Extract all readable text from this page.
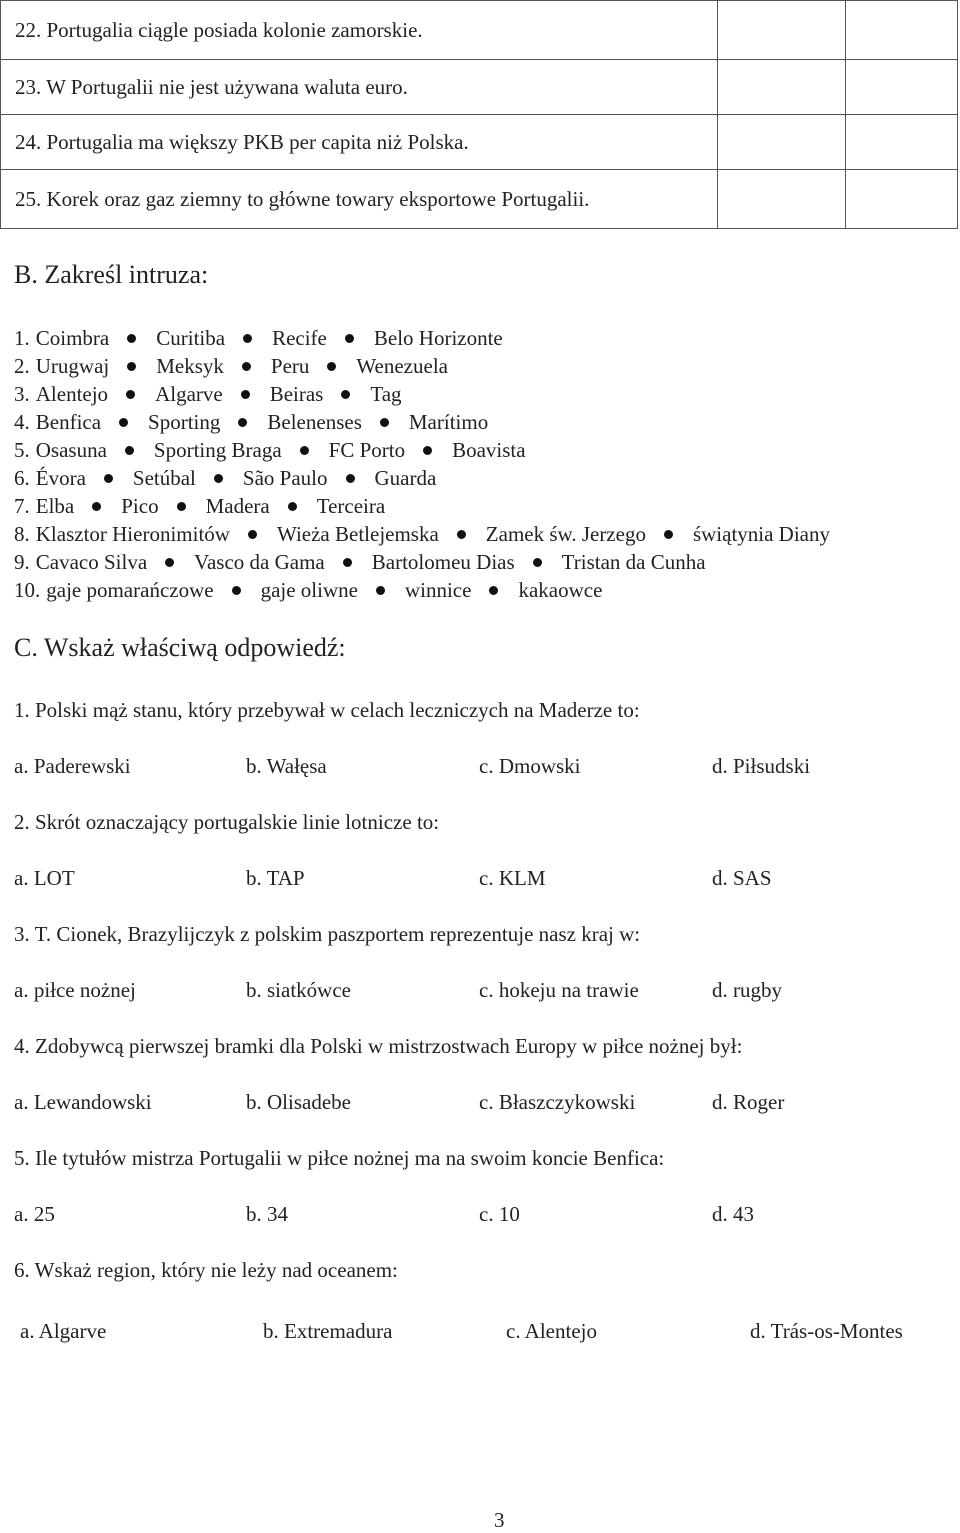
22. Portugalia ciągle posiada kolonie zamorskie.		
23. W Portugalii nie jest używana waluta euro.		
24. Portugalia ma większy PKB per capita niż Polska.		
25. Korek oraz gaz ziemny to główne towary eksportowe Portugalii.		
B. Zakreśl intruza:
1. Coimbra Curitiba Recife Belo Horizonte
2. Urugwaj Meksyk Peru Wenezuela
3. Alentejo Algarve Beiras Tag
4. Benfica Sporting Belenenses Marítimo
5. Osasuna Sporting Braga FC Porto Boavista
6. Évora Setúbal São Paulo Guarda
7. Elba Pico Madera Terceira
8. Klasztor Hieronimitów Wieża Betlejemska Zamek św. Jerzego świątynia Diany
9. Cavaco Silva Vasco da Gama Bartolomeu Dias Tristan da Cunha
10. gaje pomarańczowe gaje oliwne winnice kakaowce
C. Wskaż właściwą odpowiedź:
1. Polski mąż stanu, który przebywał w celach leczniczych na Maderze to:
a. Paderewski	b. Wałęsa	c. Dmowski	d. Piłsudski
2. Skrót oznaczający portugalskie linie lotnicze to:
a. LOT	b. TAP	c. KLM	d. SAS
3. T. Cionek, Brazylijczyk z polskim paszportem reprezentuje nasz kraj w:
a. piłce nożnej	b. siatkówce	c. hokeju na trawie	d. rugby
4. Zdobywcą pierwszej bramki dla Polski w mistrzostwach Europy w piłce nożnej był:
a. Lewandowski	b. Olisadebe	c. Błaszczykowski	d. Roger
5. Ile tytułów mistrza Portugalii w piłce nożnej ma na swoim koncie Benfica:
a. 25	b. 34	c. 10	d. 43
6. Wskaż region, który nie leży nad oceanem:
a. Algarve	b. Extremadura	c. Alentejo	d. Trás-os-Montes
3
